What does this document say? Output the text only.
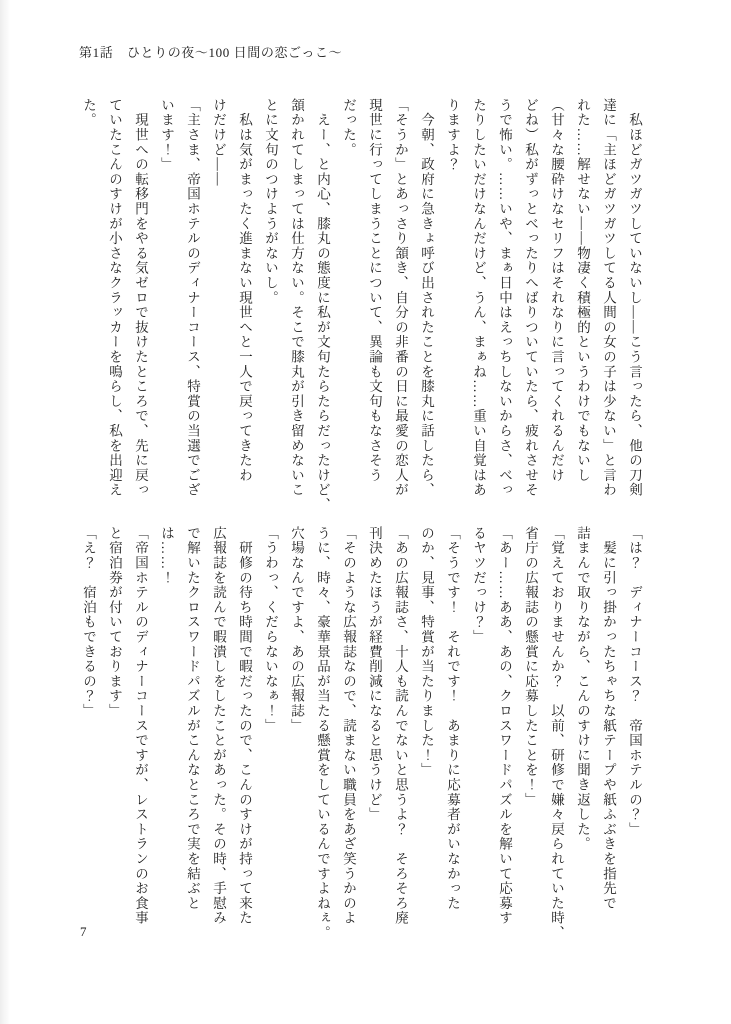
第1話　ひとりの夜〜100 日間の恋ごっこ〜
　私ほどガツガツしていないし――こう言ったら、他の刀剣
達に「主ほどガツガツしてる人間の女の子は少ない」と言わ
れた……解せない――物凄く積極的というわけでもないし
（甘々な腰砕けなセリフはそれなりに言ってくれるんだけ
どね）私がずっとべったりへばりついていたら、疲れさせそ
うで怖い。……いや、まぁ日中はえっちしないからさ、べっ
たりしたいだけなんだけど、うん、まぁね……重い自覚はあ
りますよ？
　今朝、政府に急きょ呼び出されたことを膝丸に話したら、
「そうか」とあっさり頷き、自分の非番の日に最愛の恋人が
現世に行ってしまうことについて、異論も文句もなさそう
だった。
　えー、と内心、膝丸の態度に私が文句たらたらだったけど、
頷かれてしまっては仕方ない。そこで膝丸が引き留めないこ
とに文句のつけようがないし。
　私は気がまったく進まない現世へと一人で戻ってきたわ
けだけど――
「主さま、帝国ホテルのディナーコース、特賞の当選でござ
います！」
　現世への転移門をやる気ゼロで抜けたところで、先に戻っ
ていたこんのすけが小さなクラッカーを鳴らし、私を出迎え
た。
「は？　ディナーコース？　帝国ホテルの？」
　髪に引っ掛かったちゃちな紙テープや紙ふぶきを指先で
詰まんで取りながら、こんのすけに聞き返した。
「覚えておりませんか？　以前、研修で嫌々戻られていた時、
省庁の広報誌の懸賞に応募したことを！」
「あー……ああ、あの、クロスワードパズルを解いて応募す
るヤツだっけ？」
「そうです！　それです！　あまりに応募者がいなかった
のか、見事、特賞が当たりました！」
「あの広報誌さ、十人も読んでないと思うよ？　そろそろ廃
刊決めたほうが経費削減になると思うけど」
「そのような広報誌なので、読まない職員をあざ笑うかのよ
うに、時々、豪華景品が当たる懸賞をしているんですよねぇ。
穴場なんですよ、あの広報誌」
「うわっ、くだらないなぁ！」
　研修の待ち時間で暇だったので、こんのすけが持って来た
広報誌を読んで暇潰しをしたことがあった。その時、手慰み
で解いたクロスワードパズルがこんなところで実を結ぶと
は……！
「帝国ホテルのディナーコースですが、レストランのお食事
と宿泊券が付いております」
「え？　宿泊もできるの？」
7
